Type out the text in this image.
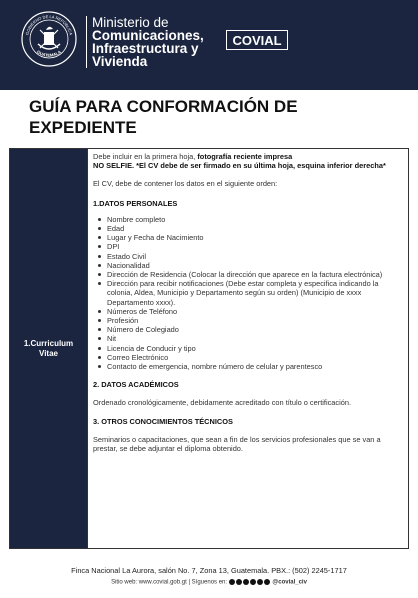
GOBIERNO DE LA REPÚBLICA
GUATEMALA
Ministerio de
Comunicaciones,
Infraestructura y
Vivienda
COVIAL
GUÍA PARA CONFORMACIÓN DE EXPEDIENTE
1.Curriculum Vitae

Debe incluir en la primera hoja, fotografía reciente impresa

NO SELFIE. *El CV debe de ser firmado en su última hoja, esquina inferior derecha*

El CV, debe de contener los datos en el siguiente orden:

1.DATOS PERSONALES

Nombre completo
Edad
Lugar y Fecha de Nacimiento
DPI
Estado Civil
Nacionalidad
Dirección de Residencia (Colocar la dirección que aparece en la factura electrónica)
Dirección para recibir notificaciones (Debe estar completa y especifica indicando la colonia, Aldea, Municipio y Departamento según su orden) (Municipio de xxxx Departamento xxxx).
Números de Teléfono
Profesión
Número de Colegiado
Nit
Licencia de Conducir y tipo
Correo Electrónico
Contacto de emergencia, nombre número de celular y parentesco

2. DATOS ACADÉMICOS

Ordenado cronológicamente, debidamente acreditado con título o certificación.

3. OTROS CONOCIMIENTOS TÉCNICOS

Seminarios o capacitaciones, que sean a fin de los servicios profesionales que se van a prestar, se debe adjuntar el diploma obtenido.

Finca Nacional La Aurora, salón No. 7, Zona 13, Guatemala. PBX.: (502) 2245-1717
Sitio web: www.covial.gob.gt | Síguenos en:	@covial_civ
